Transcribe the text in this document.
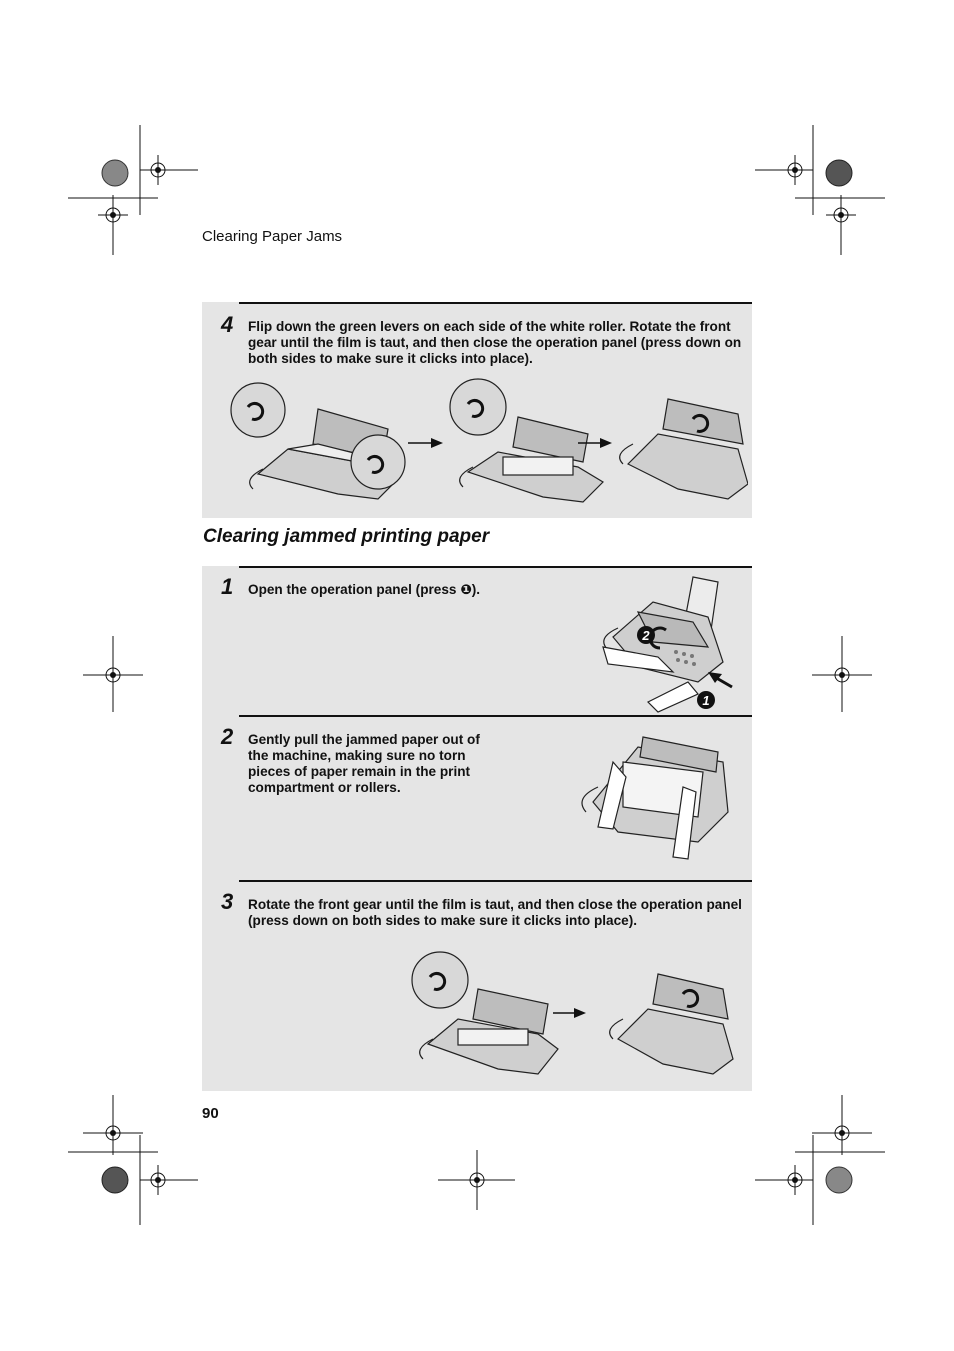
Clearing Paper Jams
4 Flip down the green levers on each side of the white roller. Rotate the front gear until the film is taut, and then close the operation panel (press down on both sides to make sure it clicks into place).
Clearing jammed printing paper
1 Open the operation panel (press ❶).
2 Gently pull the jammed paper out of the machine, making sure no torn pieces of paper remain in the print compartment or rollers.
3 Rotate the front gear until the film is taut, and then close the operation panel (press down on both sides to make sure it clicks into place).
2
1
90
